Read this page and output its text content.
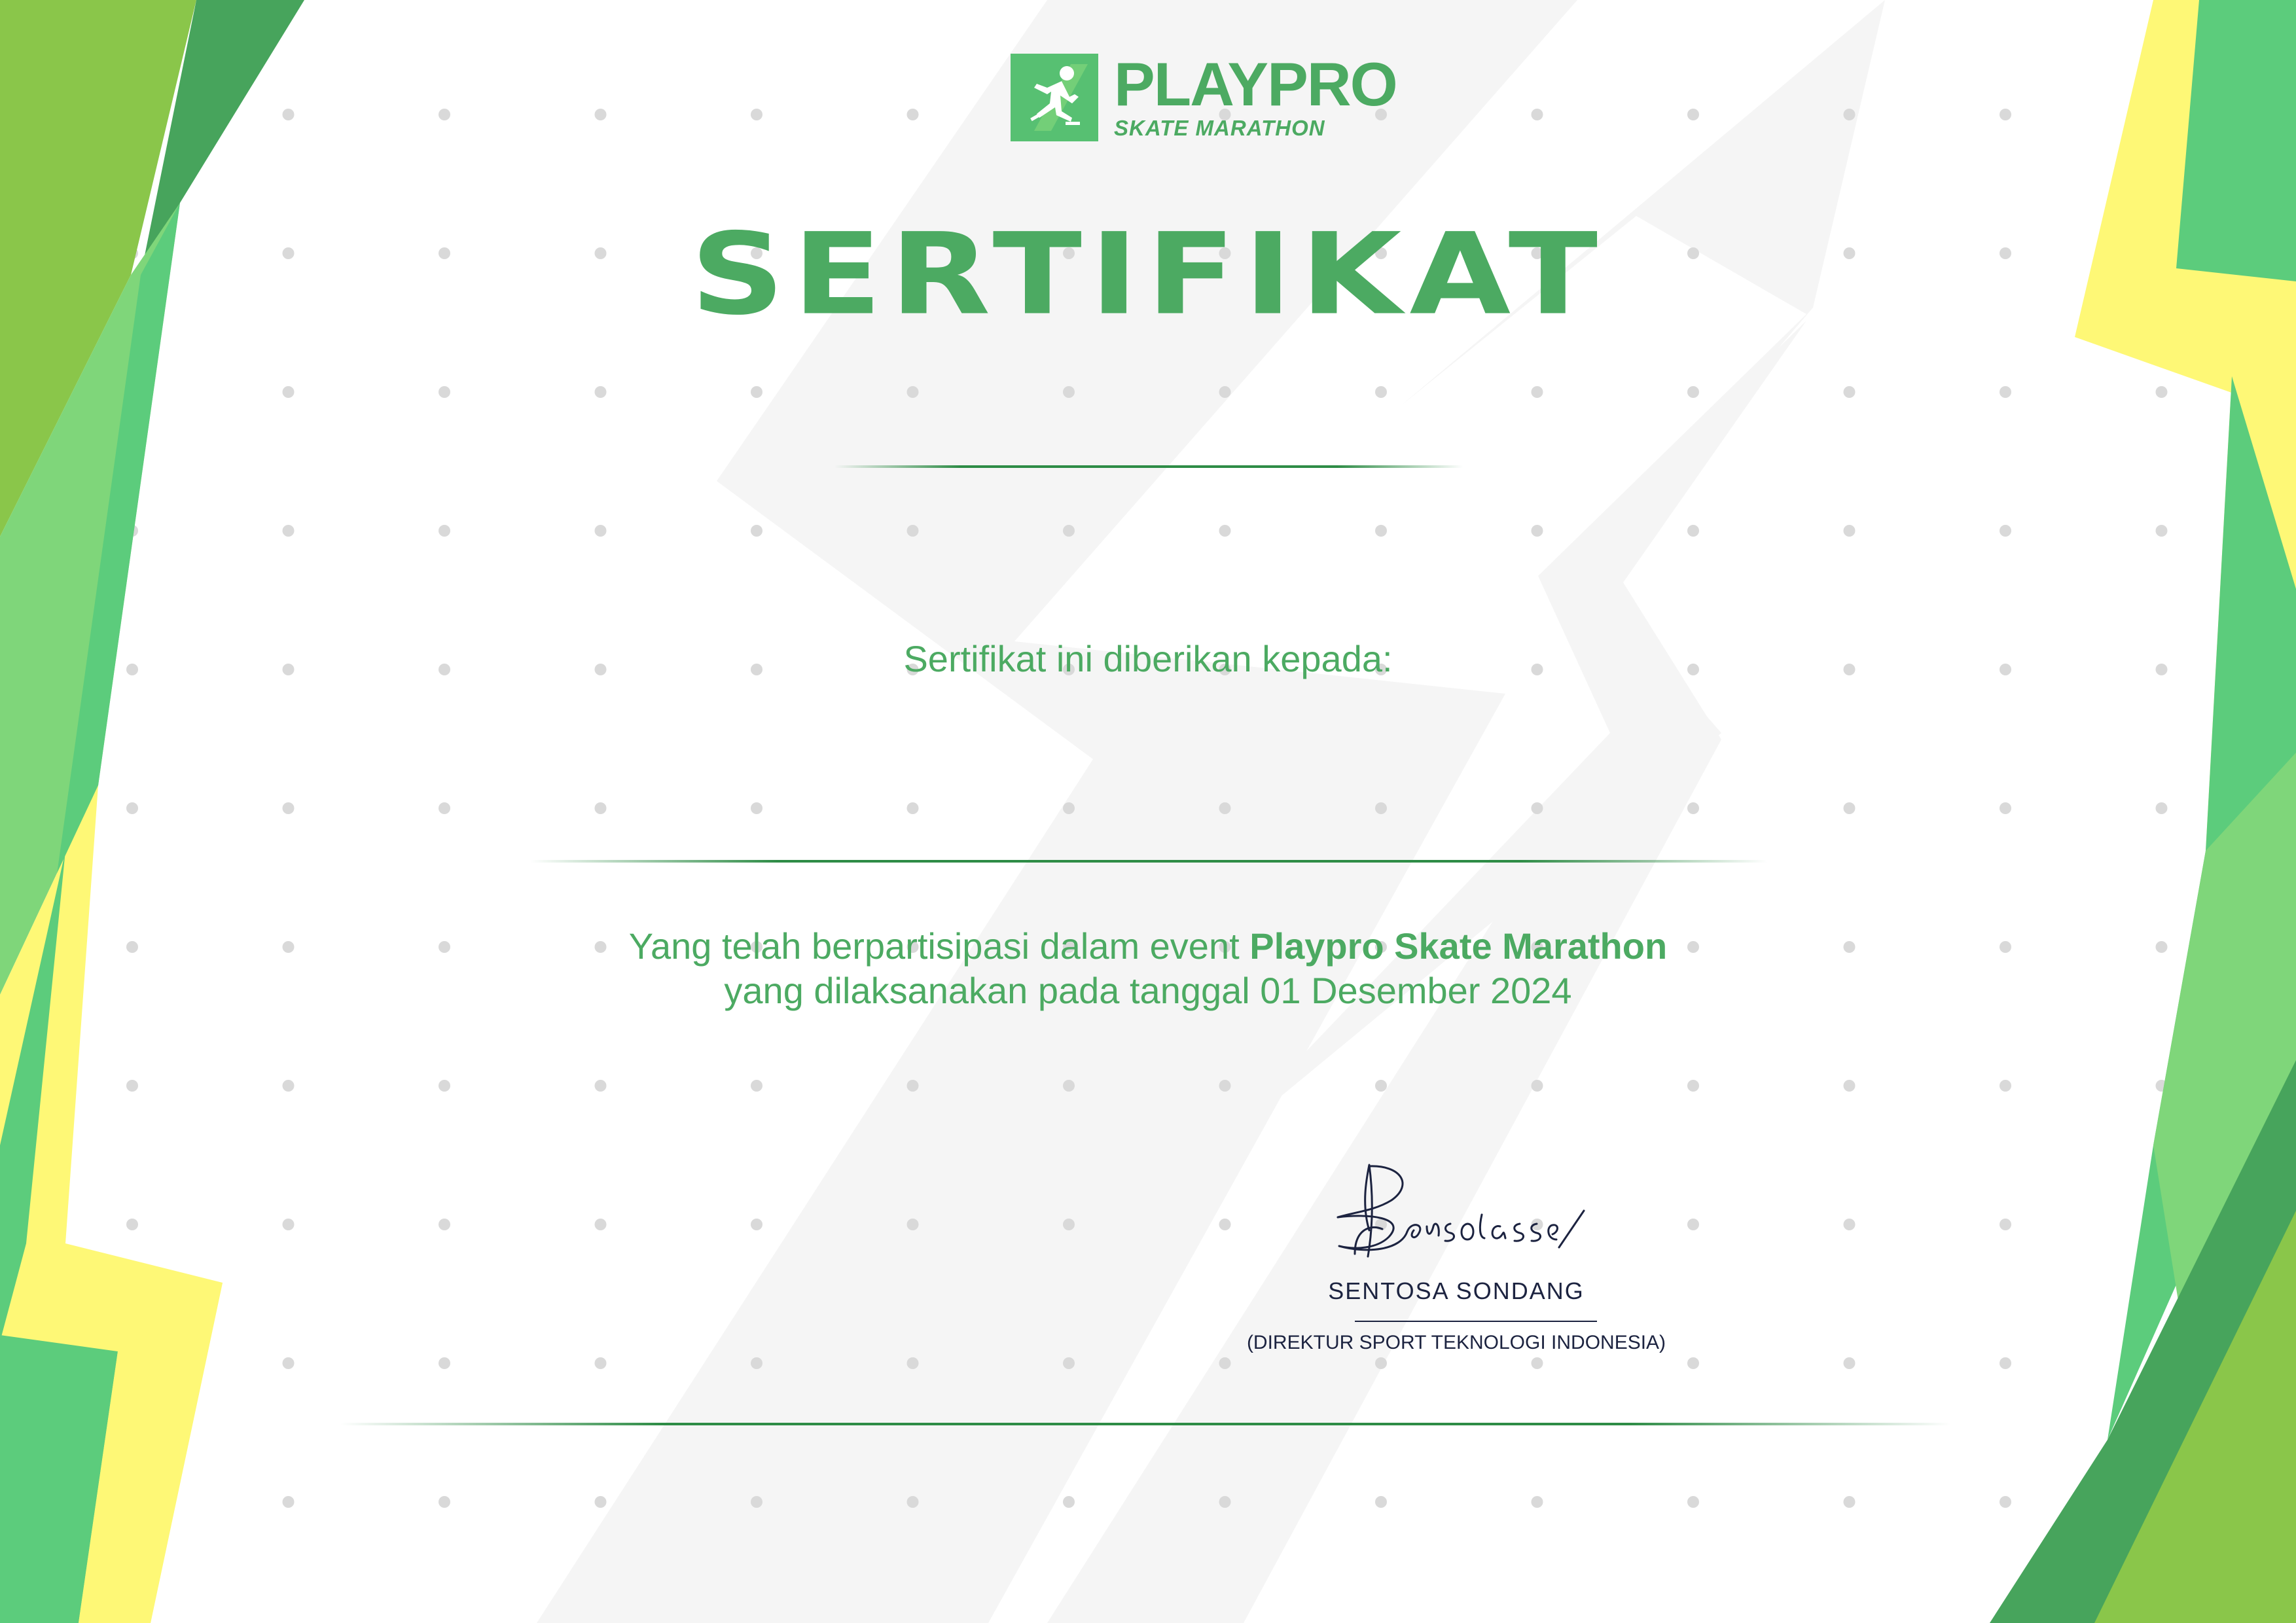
PLAYPRO
SKATE MARATHON
SERTIFIKAT
Sertifikat ini diberikan kepada:
Yang telah berpartisipasi dalam event Playpro Skate Marathon
yang dilaksanakan pada tanggal 01 Desember 2024
SENTOSA SONDANG
(DIREKTUR SPORT TEKNOLOGI INDONESIA)
